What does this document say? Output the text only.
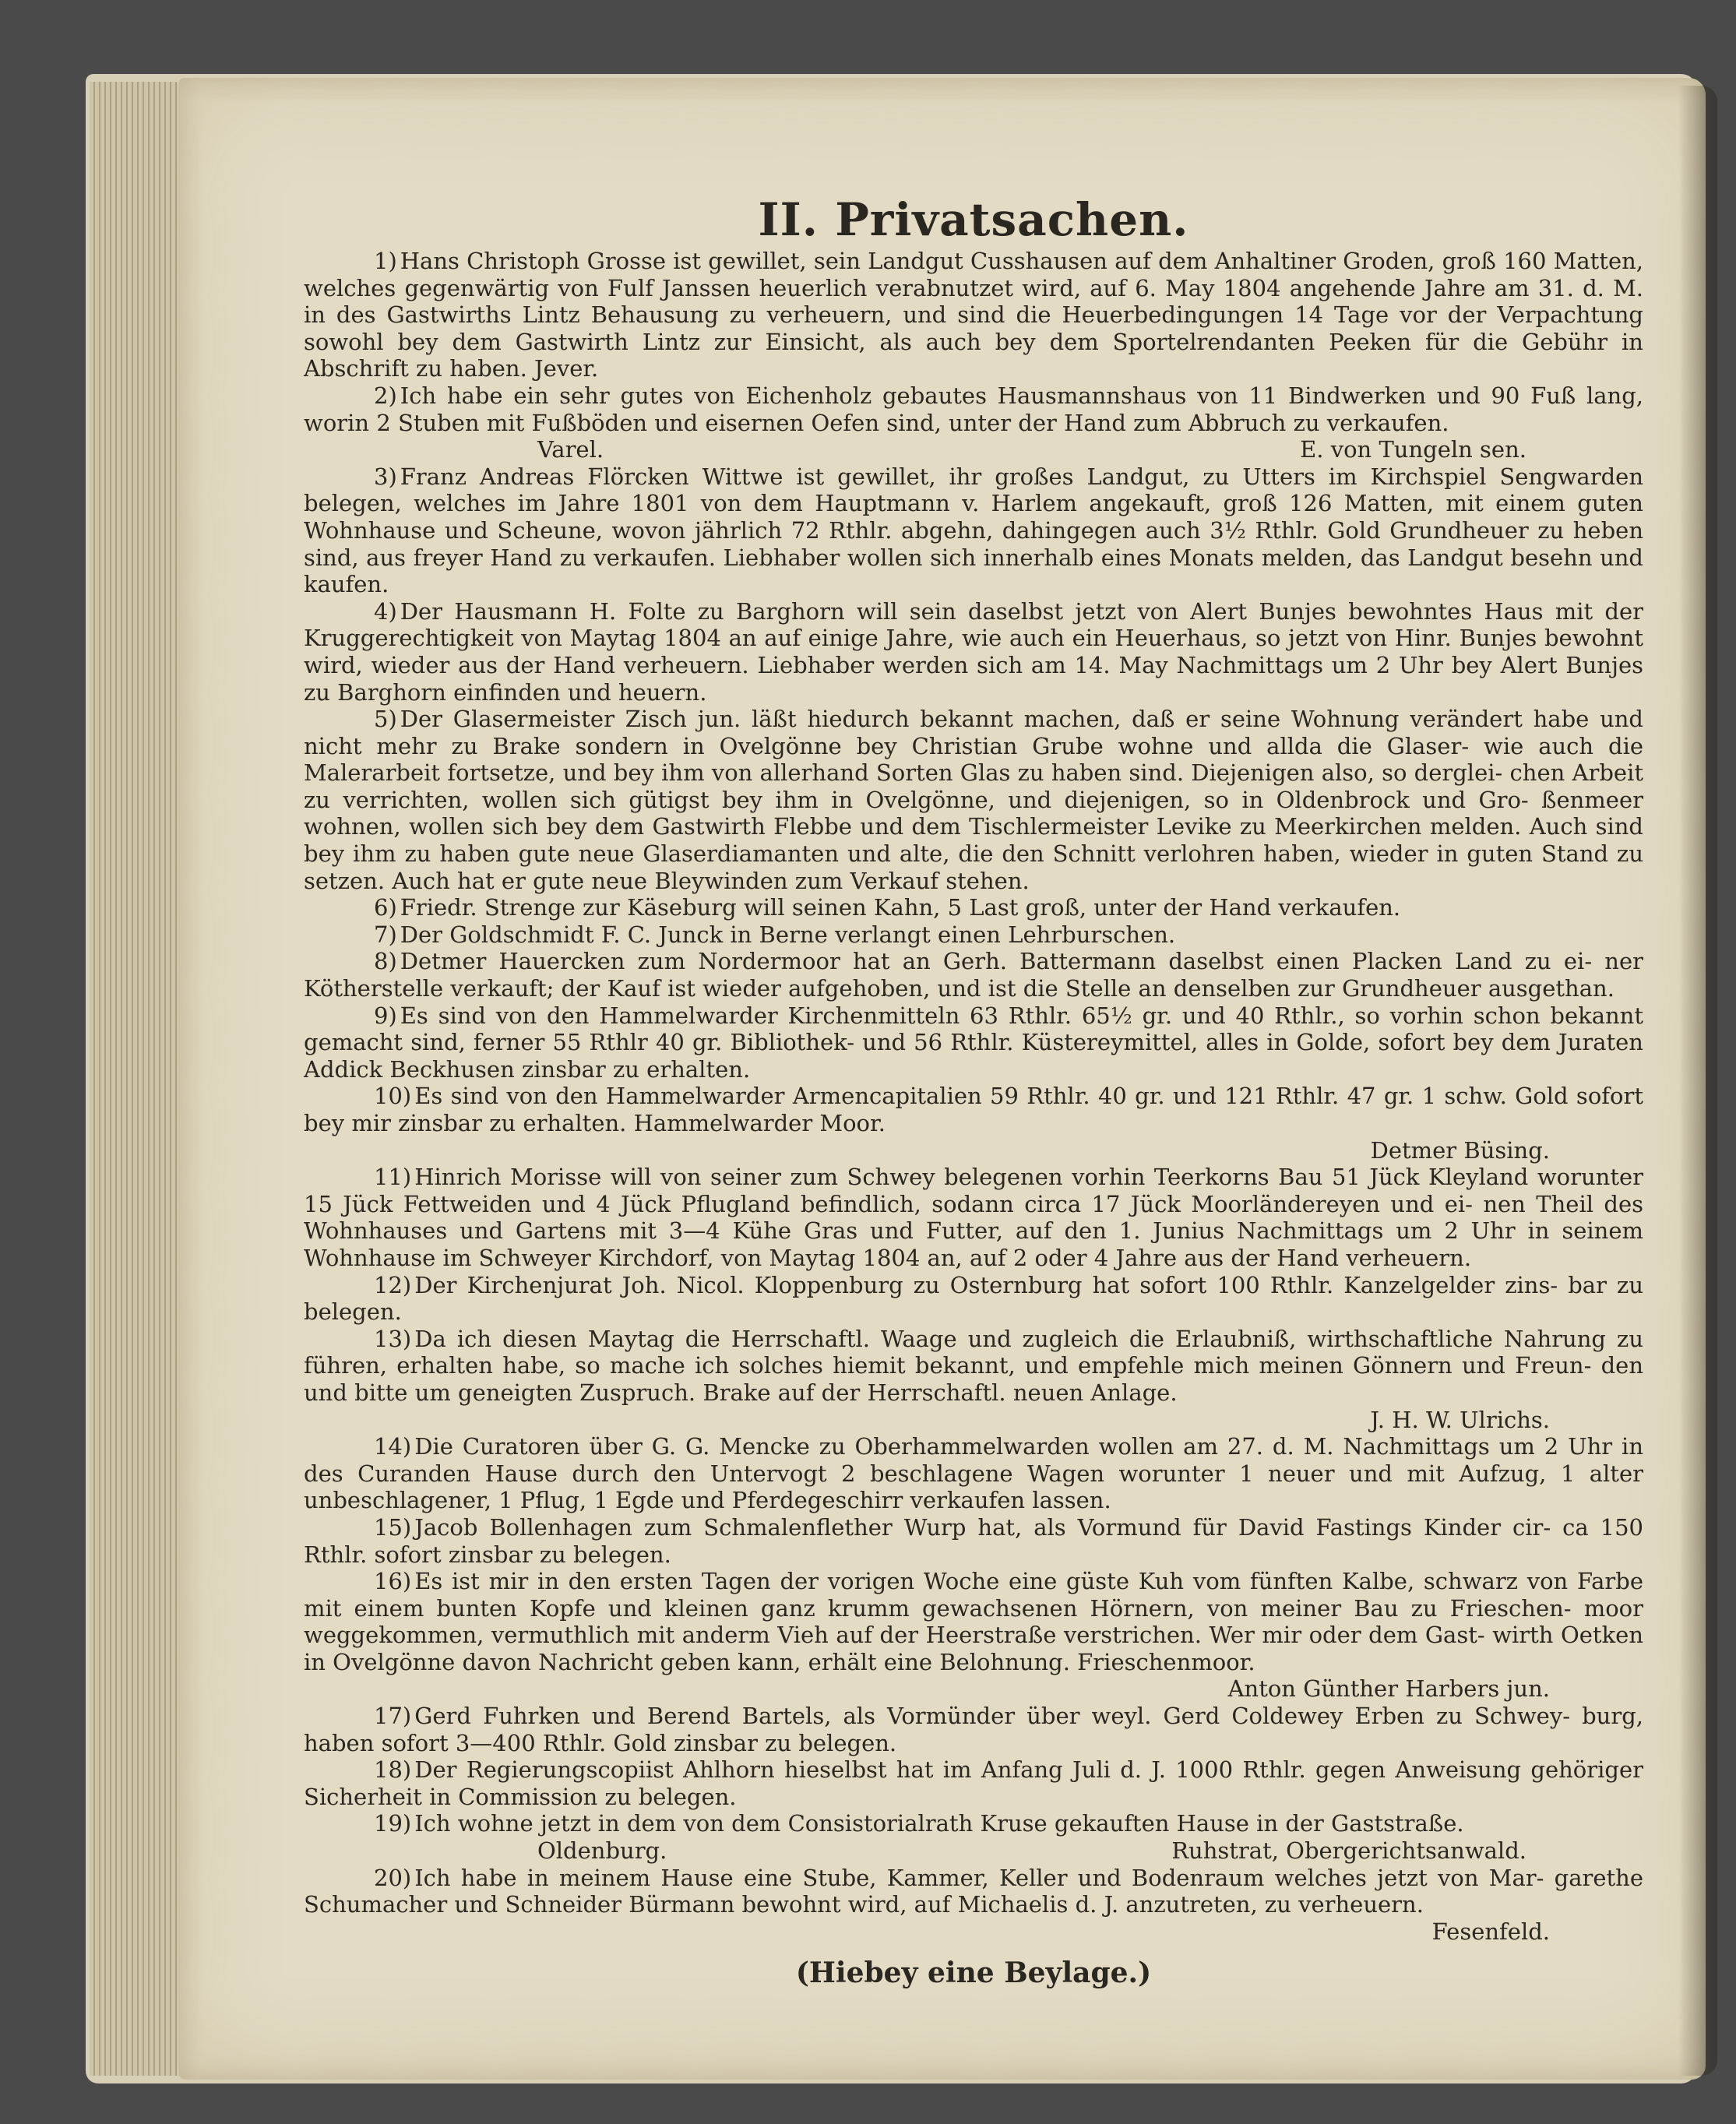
II. Privatsachen.

1) Hans Christoph Grosse ist gewillet, sein Landgut Cusshausen auf dem Anhaltiner Groden, groß 160 Matten, welches gegenwärtig von Fulf Janssen heuerlich verabnutzet wird, auf 6. May 1804 angehende Jahre am 31. d. M. in des Gastwirths Lintz Behausung zu verheuern, und sind die Heuerbedingungen 14 Tage vor der Verpachtung sowohl bey dem Gastwirth Lintz zur Einsicht, als auch bey dem Sportelrendanten Peeken für die Gebühr in Abschrift zu haben. Jever.

2) Ich habe ein sehr gutes von Eichenholz gebautes Hausmannshaus von 11 Bindwerken und 90 Fuß lang, worin 2 Stuben mit Fußböden und eisernen Oefen sind, unter der Hand zum Abbruch zu verkaufen.

Varel.	E. von Tungeln sen.

3) Franz Andreas Flörcken Wittwe ist gewillet, ihr großes Landgut, zu Utters im Kirchspiel Sengwarden belegen, welches im Jahre 1801 von dem Hauptmann v. Harlem angekauft, groß 126 Matten, mit einem guten Wohnhause und Scheune, wovon jährlich 72 Rthlr. abgehn, dahingegen auch 3½ Rthlr. Gold Grundheuer zu heben sind, aus freyer Hand zu verkaufen. Liebhaber wollen sich innerhalb eines Monats melden, das Landgut besehn und kaufen.

4) Der Hausmann H. Folte zu Barghorn will sein daselbst jetzt von Alert Bunjes bewohntes Haus mit der Kruggerechtigkeit von Maytag 1804 an auf einige Jahre, wie auch ein Heuerhaus, so jetzt von Hinr. Bunjes bewohnt wird, wieder aus der Hand verheuern. Liebhaber werden sich am 14. May Nachmittags um 2 Uhr bey Alert Bunjes zu Barghorn einfinden und heuern.

5) Der Glasermeister Zisch jun. läßt hiedurch bekannt machen, daß er seine Wohnung verändert habe und nicht mehr zu Brake sondern in Ovelgönne bey Christian Grube wohne und allda die Glaser- wie auch die Malerarbeit fortsetze, und bey ihm von allerhand Sorten Glas zu haben sind. Diejenigen also, so derglei- chen Arbeit zu verrichten, wollen sich gütigst bey ihm in Ovelgönne, und diejenigen, so in Oldenbrock und Gro- ßenmeer wohnen, wollen sich bey dem Gastwirth Flebbe und dem Tischlermeister Levike zu Meerkirchen melden. Auch sind bey ihm zu haben gute neue Glaserdiamanten und alte, die den Schnitt verlohren haben, wieder in guten Stand zu setzen. Auch hat er gute neue Bleywinden zum Verkauf stehen.

6) Friedr. Strenge zur Käseburg will seinen Kahn, 5 Last groß, unter der Hand verkaufen.

7) Der Goldschmidt F. C. Junck in Berne verlangt einen Lehrburschen.

8) Detmer Hauercken zum Nordermoor hat an Gerh. Battermann daselbst einen Placken Land zu ei- ner Kötherstelle verkauft; der Kauf ist wieder aufgehoben, und ist die Stelle an denselben zur Grundheuer ausgethan.

9) Es sind von den Hammelwarder Kirchenmitteln 63 Rthlr. 65½ gr. und 40 Rthlr., so vorhin schon bekannt gemacht sind, ferner 55 Rthlr 40 gr. Bibliothek- und 56 Rthlr. Küstereymittel, alles in Golde, sofort bey dem Juraten Addick Beckhusen zinsbar zu erhalten.

10) Es sind von den Hammelwarder Armencapitalien 59 Rthlr. 40 gr. und 121 Rthlr. 47 gr. 1 schw. Gold sofort bey mir zinsbar zu erhalten. Hammelwarder Moor.

Detmer Büsing.

11) Hinrich Morisse will von seiner zum Schwey belegenen vorhin Teerkorns Bau 51 Jück Kleyland worunter 15 Jück Fettweiden und 4 Jück Pflugland befindlich, sodann circa 17 Jück Moorländereyen und ei- nen Theil des Wohnhauses und Gartens mit 3—4 Kühe Gras und Futter, auf den 1. Junius Nachmittags um 2 Uhr in seinem Wohnhause im Schweyer Kirchdorf, von Maytag 1804 an, auf 2 oder 4 Jahre aus der Hand verheuern.

12) Der Kirchenjurat Joh. Nicol. Kloppenburg zu Osternburg hat sofort 100 Rthlr. Kanzelgelder zins- bar zu belegen.

13) Da ich diesen Maytag die Herrschaftl. Waage und zugleich die Erlaubniß, wirthschaftliche Nahrung zu führen, erhalten habe, so mache ich solches hiemit bekannt, und empfehle mich meinen Gönnern und Freun- den und bitte um geneigten Zuspruch. Brake auf der Herrschaftl. neuen Anlage.

J. H. W. Ulrichs.

14) Die Curatoren über G. G. Mencke zu Oberhammelwarden wollen am 27. d. M. Nachmittags um 2 Uhr in des Curanden Hause durch den Untervogt 2 beschlagene Wagen worunter 1 neuer und mit Aufzug, 1 alter unbeschlagener, 1 Pflug, 1 Egde und Pferdegeschirr verkaufen lassen.

15) Jacob Bollenhagen zum Schmalenflether Wurp hat, als Vormund für David Fastings Kinder cir- ca 150 Rthlr. sofort zinsbar zu belegen.

16) Es ist mir in den ersten Tagen der vorigen Woche eine güste Kuh vom fünften Kalbe, schwarz von Farbe mit einem bunten Kopfe und kleinen ganz krumm gewachsenen Hörnern, von meiner Bau zu Frieschen- moor weggekommen, vermuthlich mit anderm Vieh auf der Heerstraße verstrichen. Wer mir oder dem Gast- wirth Oetken in Ovelgönne davon Nachricht geben kann, erhält eine Belohnung. Frieschenmoor.

Anton Günther Harbers jun.

17) Gerd Fuhrken und Berend Bartels, als Vormünder über weyl. Gerd Coldewey Erben zu Schwey- burg, haben sofort 3—400 Rthlr. Gold zinsbar zu belegen.

18) Der Regierungscopiist Ahlhorn hieselbst hat im Anfang Juli d. J. 1000 Rthlr. gegen Anweisung gehöriger Sicherheit in Commission zu belegen.

19) Ich wohne jetzt in dem von dem Consistorialrath Kruse gekauften Hause in der Gaststraße.

Oldenburg.	Ruhstrat, Obergerichtsanwald.

20) Ich habe in meinem Hause eine Stube, Kammer, Keller und Bodenraum welches jetzt von Mar- garethe Schumacher und Schneider Bürmann bewohnt wird, auf Michaelis d. J. anzutreten, zu verheuern.

Fesenfeld.

(Hiebey eine Beylage.)
